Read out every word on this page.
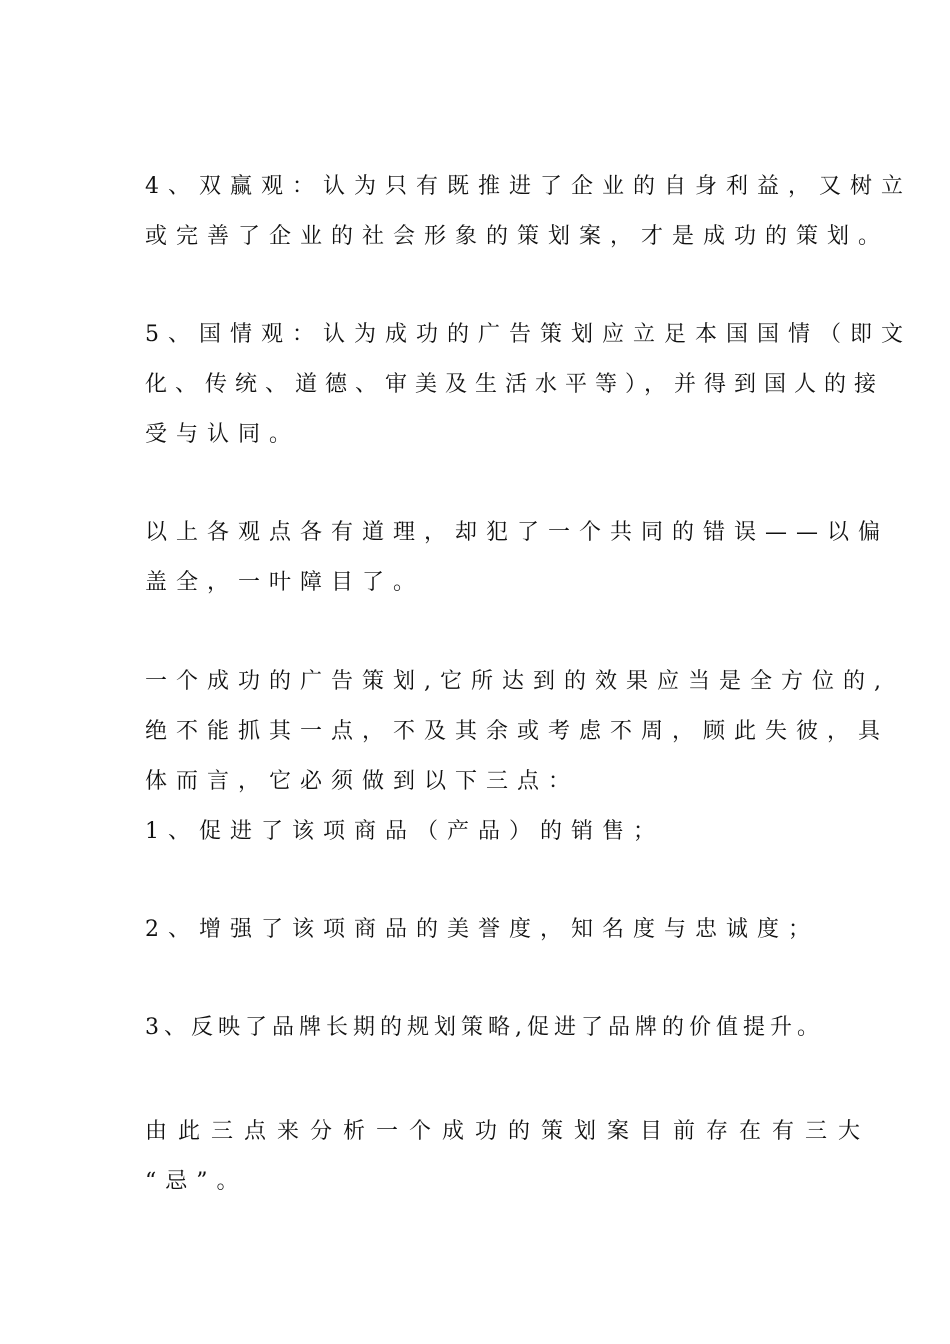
4、双赢观：认为只有既推进了企业的自身利益，又树立
或完善了企业的社会形象的策划案，才是成功的策划。
5、国情观：认为成功的广告策划应立足本国国情（即文
化、传统、道德、审美及生活水平等），并得到国人的接
受与认同。
以上各观点各有道理，却犯了一个共同的错误——以偏
盖全，一叶障目了。
一个成功的广告策划,它所达到的效果应当是全方位的,
绝不能抓其一点，不及其余或考虑不周，顾此失彼，具
体而言，它必须做到以下三点：
1、促进了该项商品（产品）的销售；
2、增强了该项商品的美誉度，知名度与忠诚度；
3、反映了品牌长期的规划策略,促进了品牌的价值提升。
由此三点来分析一个成功的策划案目前存在有三大
“忌”。
